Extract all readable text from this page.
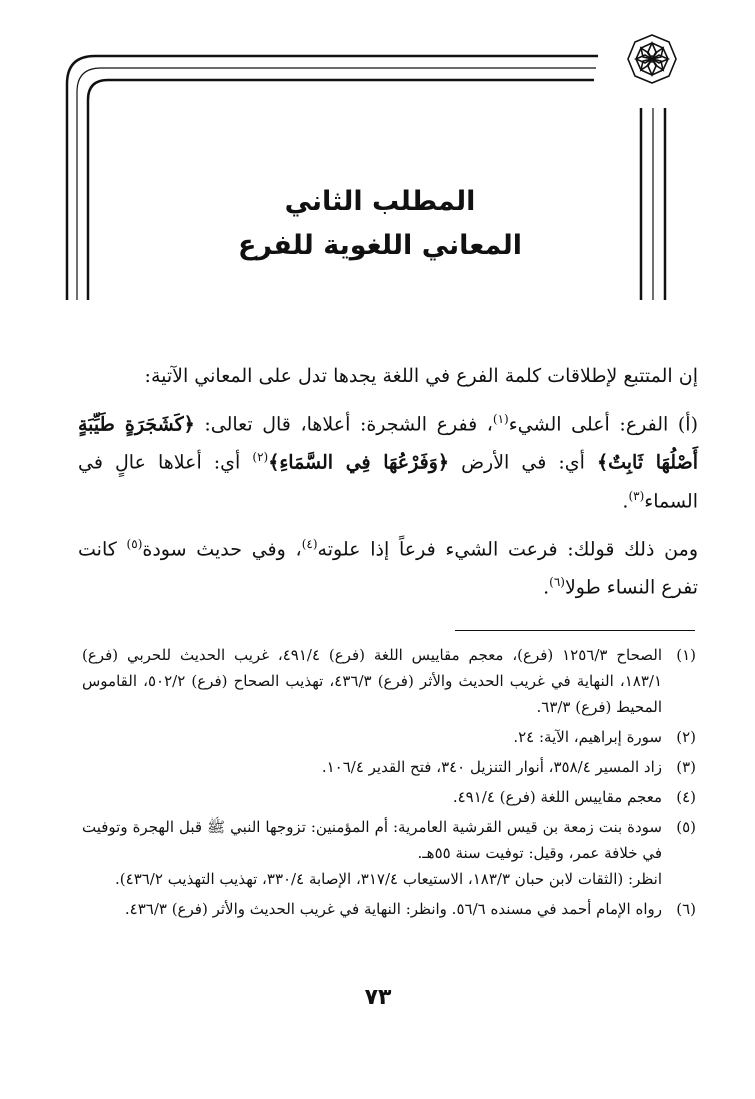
المطلب الثاني
المعاني اللغوية للفرع

إن المتتبع لإطلاقات كلمة الفرع في اللغة يجدها تدل على المعاني الآتية:

(أ) الفرع: أعلى الشيء$^{(١)}$، ففرع الشجرة: أعلاها، قال تعالى: ﴿كَشَجَرَةٍ طَيِّبَةٍ أَصْلُهَا ثَابِتٌ﴾ أي: في الأرض ﴿وَفَرْعُهَا فِي السَّمَاءِ﴾$^{(٢)}$ أي: أعلاها عالٍ في السماء$^{(٣)}$.

ومن ذلك قولك: فرعت الشيء فرعاً إذا علوته$^{(٤)}$، وفي حديث سودة$^{(٥)}$ كانت تفرع النساء طولا$^{(٦)}$.

(١)

الصحاح ١٢٥٦/٣ (فرع)، معجم مقاييس اللغة (فرع) ٤٩١/٤، غريب الحديث للحربي (فرع) ١٨٣/١، النهاية في غريب الحديث والأثر (فرع) ٤٣٦/٣، تهذيب الصحاح (فرع) ٥٠٢/٢، القاموس المحيط (فرع) ٦٣/٣.

(٢)

سورة إبراهيم، الآية: ٢٤.

(٣)

زاد المسير ٣٥٨/٤، أنوار التنزيل ٣٤٠، فتح القدير ١٠٦/٤.

(٤)

معجم مقاييس اللغة (فرع) ٤٩١/٤.

(٥)

سودة بنت زمعة بن قيس القرشية العامرية: أم المؤمنين: تزوجها النبي ﷺ قبل الهجرة وتوفيت في خلافة عمر، وقيل: توفيت سنة ٥٥هـ.

انظر: (الثقات لابن حبان ١٨٣/٣، الاستيعاب ٣١٧/٤، الإصابة ٣٣٠/٤، تهذيب التهذيب ٤٣٦/٢).

(٦)

رواه الإمام أحمد في مسنده ٥٦/٦. وانظر: النهاية في غريب الحديث والأثر (فرع) ٤٣٦/٣.

٧٣
